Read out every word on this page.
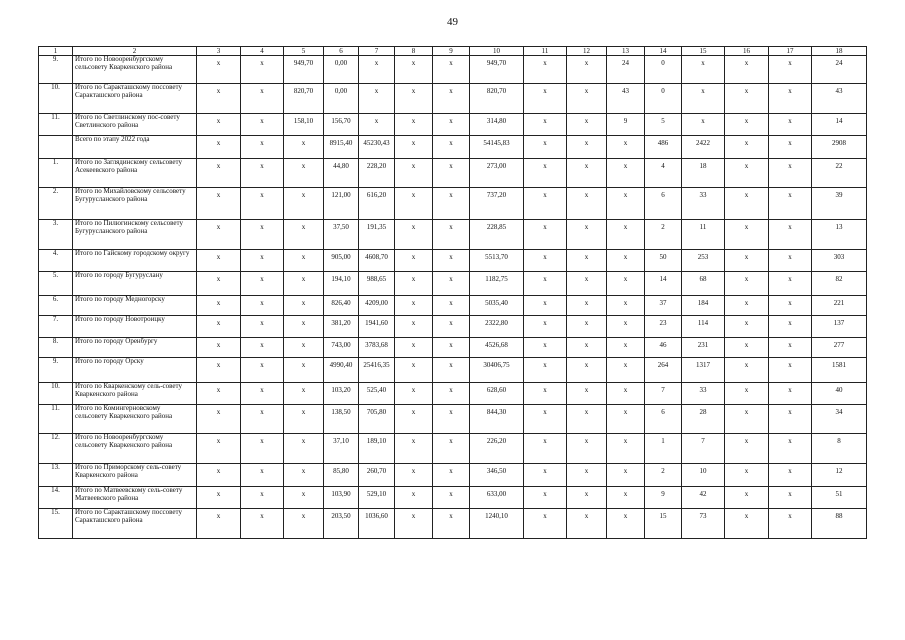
49
1	2	3	4	5	6	7	8	9	10	11	12	13	14	15	16	17	18
9.	Итого по Новооренбургскому сельсовету Кваркенского района	x	x	949,70	0,00	x	x	x	949,70	x	x	24	0	x	x	x	24
10.	Итого по Саракташскому поссовету Саракташского района	x	x	820,70	0,00	x	x	x	820,70	x	x	43	0	x	x	x	43
11.	Итого по Светлинскому пос-совету Светлинского района	x	x	158,10	156,70	x	x	x	314,80	x	x	9	5	x	x	x	14
	Всего по этапу 2022 года	x	x	x	8915,40	45230,43	x	x	54145,83	x	x	x	486	2422	x	x	2908
1.	Итого по Заглядинскому сельсовету Асекеевского района	x	x	x	44,80	228,20	x	x	273,00	x	x	x	4	18	x	x	22
2.	Итого по Михайловскому сельсовету Бугурусланского района	x	x	x	121,00	616,20	x	x	737,20	x	x	x	6	33	x	x	39
3.	Итого по Пилюгинскому сельсовету Бугурусланского района	x	x	x	37,50	191,35	x	x	228,85	x	x	x	2	11	x	x	13
4.	Итого по Гайскому городскому округу	x	x	x	905,00	4608,70	x	x	5513,70	x	x	x	50	253	x	x	303
5.	Итого по городу Бугуруслану	x	x	x	194,10	988,65	x	x	1182,75	x	x	x	14	68	x	x	82
6.	Итого по городу Медногорску	x	x	x	826,40	4209,00	x	x	5035,40	x	x	x	37	184	x	x	221
7.	Итого по городу Новотроицку	x	x	x	381,20	1941,60	x	x	2322,80	x	x	x	23	114	x	x	137
8.	Итого по городу Оренбургу	x	x	x	743,00	3783,68	x	x	4526,68	x	x	x	46	231	x	x	277
9.	Итого по городу Орску	x	x	x	4990,40	25416,35	x	x	30406,75	x	x	x	264	1317	x	x	1581
10.	Итого по Кваркенскому сель-совету Кваркенского района	x	x	x	103,20	525,40	x	x	628,60	x	x	x	7	33	x	x	40
11.	Итого по Комингерновскому сельсовету Кваркенского района	x	x	x	138,50	705,80	x	x	844,30	x	x	x	6	28	x	x	34
12.	Итого по Новооренбургскому сельсовету Кваркенского района	x	x	x	37,10	189,10	x	x	226,20	x	x	x	1	7	x	x	8
13.	Итого по Приморскому сель-совету Кваркенского района	x	x	x	85,80	260,70	x	x	346,50	x	x	x	2	10	x	x	12
14.	Итого по Матвеевскому сель-совету Матвеевского района	x	x	x	103,90	529,10	x	x	633,00	x	x	x	9	42	x	x	51
15.	Итого по Саракташскому поссовету Саракташского района	x	x	x	203,50	1036,60	x	x	1240,10	x	x	x	15	73	x	x	88
